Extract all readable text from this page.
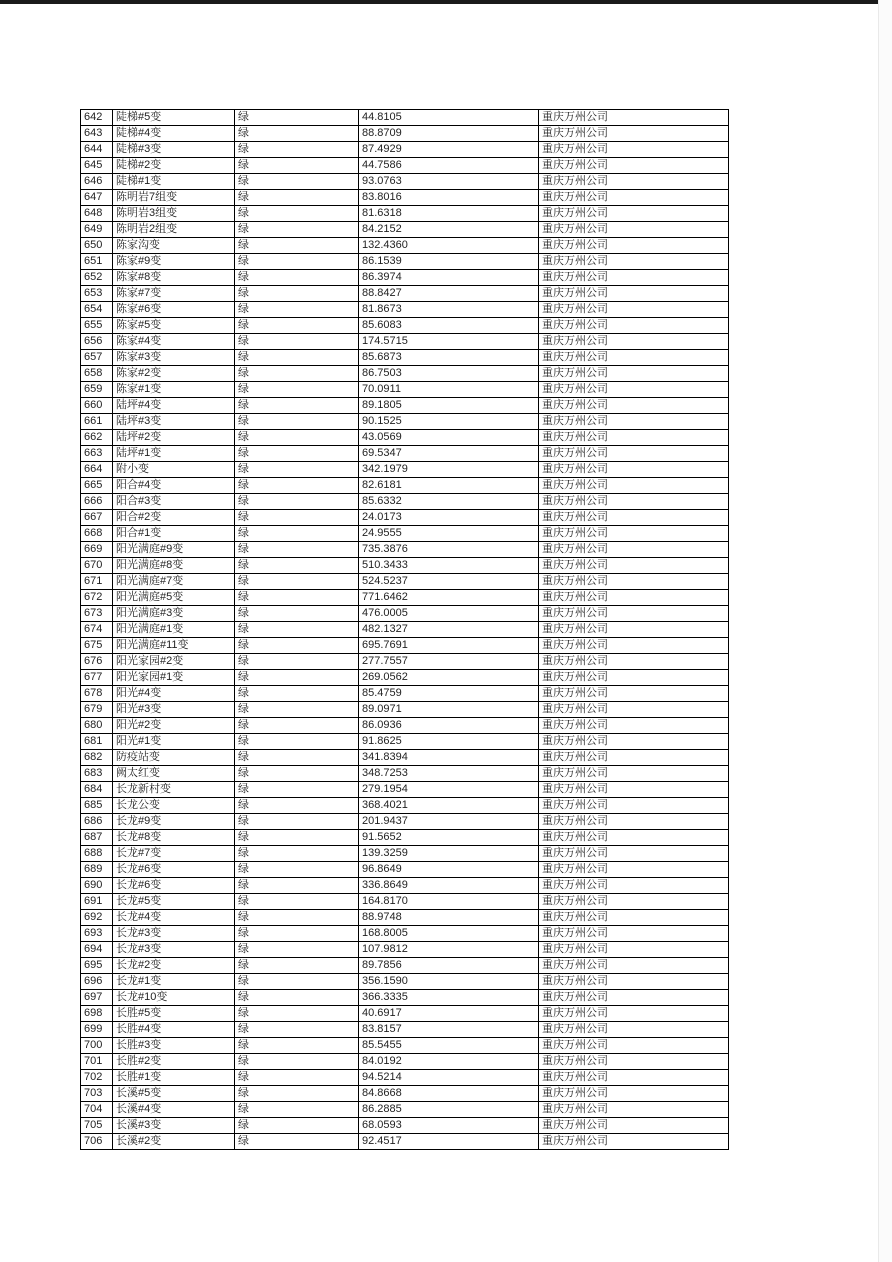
642	陡梯#5变	绿	44.8105	重庆万州公司
643	陡梯#4变	绿	88.8709	重庆万州公司
644	陡梯#3变	绿	87.4929	重庆万州公司
645	陡梯#2变	绿	44.7586	重庆万州公司
646	陡梯#1变	绿	93.0763	重庆万州公司
647	陈明岩7组变	绿	83.8016	重庆万州公司
648	陈明岩3组变	绿	81.6318	重庆万州公司
649	陈明岩2组变	绿	84.2152	重庆万州公司
650	陈家沟变	绿	132.4360	重庆万州公司
651	陈家#9变	绿	86.1539	重庆万州公司
652	陈家#8变	绿	86.3974	重庆万州公司
653	陈家#7变	绿	88.8427	重庆万州公司
654	陈家#6变	绿	81.8673	重庆万州公司
655	陈家#5变	绿	85.6083	重庆万州公司
656	陈家#4变	绿	174.5715	重庆万州公司
657	陈家#3变	绿	85.6873	重庆万州公司
658	陈家#2变	绿	86.7503	重庆万州公司
659	陈家#1变	绿	70.0911	重庆万州公司
660	陆坪#4变	绿	89.1805	重庆万州公司
661	陆坪#3变	绿	90.1525	重庆万州公司
662	陆坪#2变	绿	43.0569	重庆万州公司
663	陆坪#1变	绿	69.5347	重庆万州公司
664	附小变	绿	342.1979	重庆万州公司
665	阳合#4变	绿	82.6181	重庆万州公司
666	阳合#3变	绿	85.6332	重庆万州公司
667	阳合#2变	绿	24.0173	重庆万州公司
668	阳合#1变	绿	24.9555	重庆万州公司
669	阳光满庭#9变	绿	735.3876	重庆万州公司
670	阳光满庭#8变	绿	510.3433	重庆万州公司
671	阳光满庭#7变	绿	524.5237	重庆万州公司
672	阳光满庭#5变	绿	771.6462	重庆万州公司
673	阳光满庭#3变	绿	476.0005	重庆万州公司
674	阳光满庭#1变	绿	482.1327	重庆万州公司
675	阳光满庭#11变	绿	695.7691	重庆万州公司
676	阳光家园#2变	绿	277.7557	重庆万州公司
677	阳光家园#1变	绿	269.0562	重庆万州公司
678	阳光#4变	绿	85.4759	重庆万州公司
679	阳光#3变	绿	89.0971	重庆万州公司
680	阳光#2变	绿	86.0936	重庆万州公司
681	阳光#1变	绿	91.8625	重庆万州公司
682	防疫站变	绿	341.8394	重庆万州公司
683	阙太红变	绿	348.7253	重庆万州公司
684	长龙新村变	绿	279.1954	重庆万州公司
685	长龙公变	绿	368.4021	重庆万州公司
686	长龙#9变	绿	201.9437	重庆万州公司
687	长龙#8变	绿	91.5652	重庆万州公司
688	长龙#7变	绿	139.3259	重庆万州公司
689	长龙#6变	绿	96.8649	重庆万州公司
690	长龙#6变	绿	336.8649	重庆万州公司
691	长龙#5变	绿	164.8170	重庆万州公司
692	长龙#4变	绿	88.9748	重庆万州公司
693	长龙#3变	绿	168.8005	重庆万州公司
694	长龙#3变	绿	107.9812	重庆万州公司
695	长龙#2变	绿	89.7856	重庆万州公司
696	长龙#1变	绿	356.1590	重庆万州公司
697	长龙#10变	绿	366.3335	重庆万州公司
698	长胜#5变	绿	40.6917	重庆万州公司
699	长胜#4变	绿	83.8157	重庆万州公司
700	长胜#3变	绿	85.5455	重庆万州公司
701	长胜#2变	绿	84.0192	重庆万州公司
702	长胜#1变	绿	94.5214	重庆万州公司
703	长溪#5变	绿	84.8668	重庆万州公司
704	长溪#4变	绿	86.2885	重庆万州公司
705	长溪#3变	绿	68.0593	重庆万州公司
706	长溪#2变	绿	92.4517	重庆万州公司
